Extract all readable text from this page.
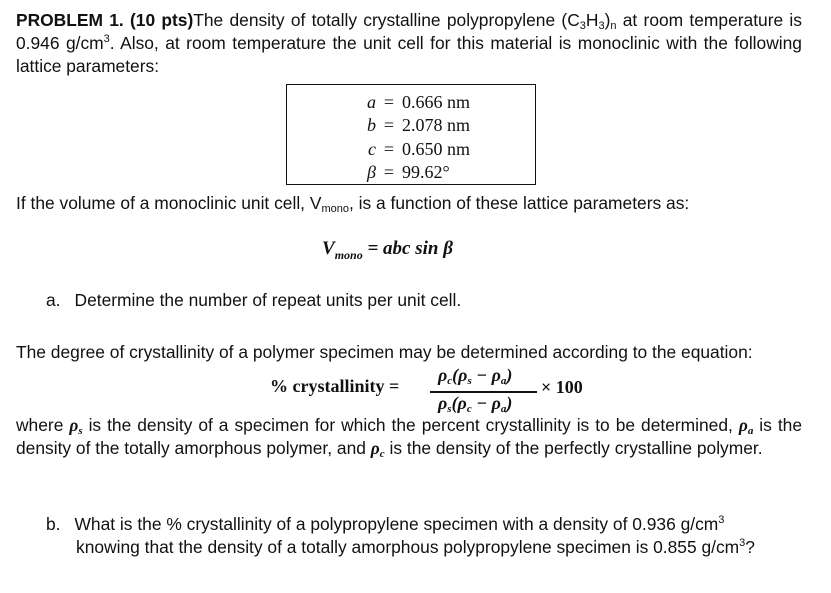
PROBLEM 1. (10 pts)The density of totally crystalline polypropylene $(C_3H_3)_n$ at room temperature is 0.946 $g/cm^3$. Also, at room temperature the unit cell for this material is monoclinic with the following lattice parameters:
a = 0.666 nm
b = 2.078 nm
c = 0.650 nm
β = 99.62°
If the volume of a monoclinic unit cell, $V_{mono}$, is a function of these lattice parameters as:
$V_{mono}$ = abc sin β
a. Determine the number of repeat units per unit cell.
The degree of crystallinity of a polymer specimen may be determined according to the equation:
% crystallinity =
$\rho_c(\rho_s - \rho_a)$
$\rho_s(\rho_c - \rho_a)$
× 100
where $\rho_s$ is the density of a specimen for which the percent crystallinity is to be determined, $\rho_a$ is the density of the totally amorphous polymer, and $\rho_c$ is the density of the perfectly crystalline polymer.
b. What is the % crystallinity of a polypropylene specimen with a density of 0.936 $g/cm^3$
knowing that the density of a totally amorphous polypropylene specimen is 0.855 $g/cm^3$?
